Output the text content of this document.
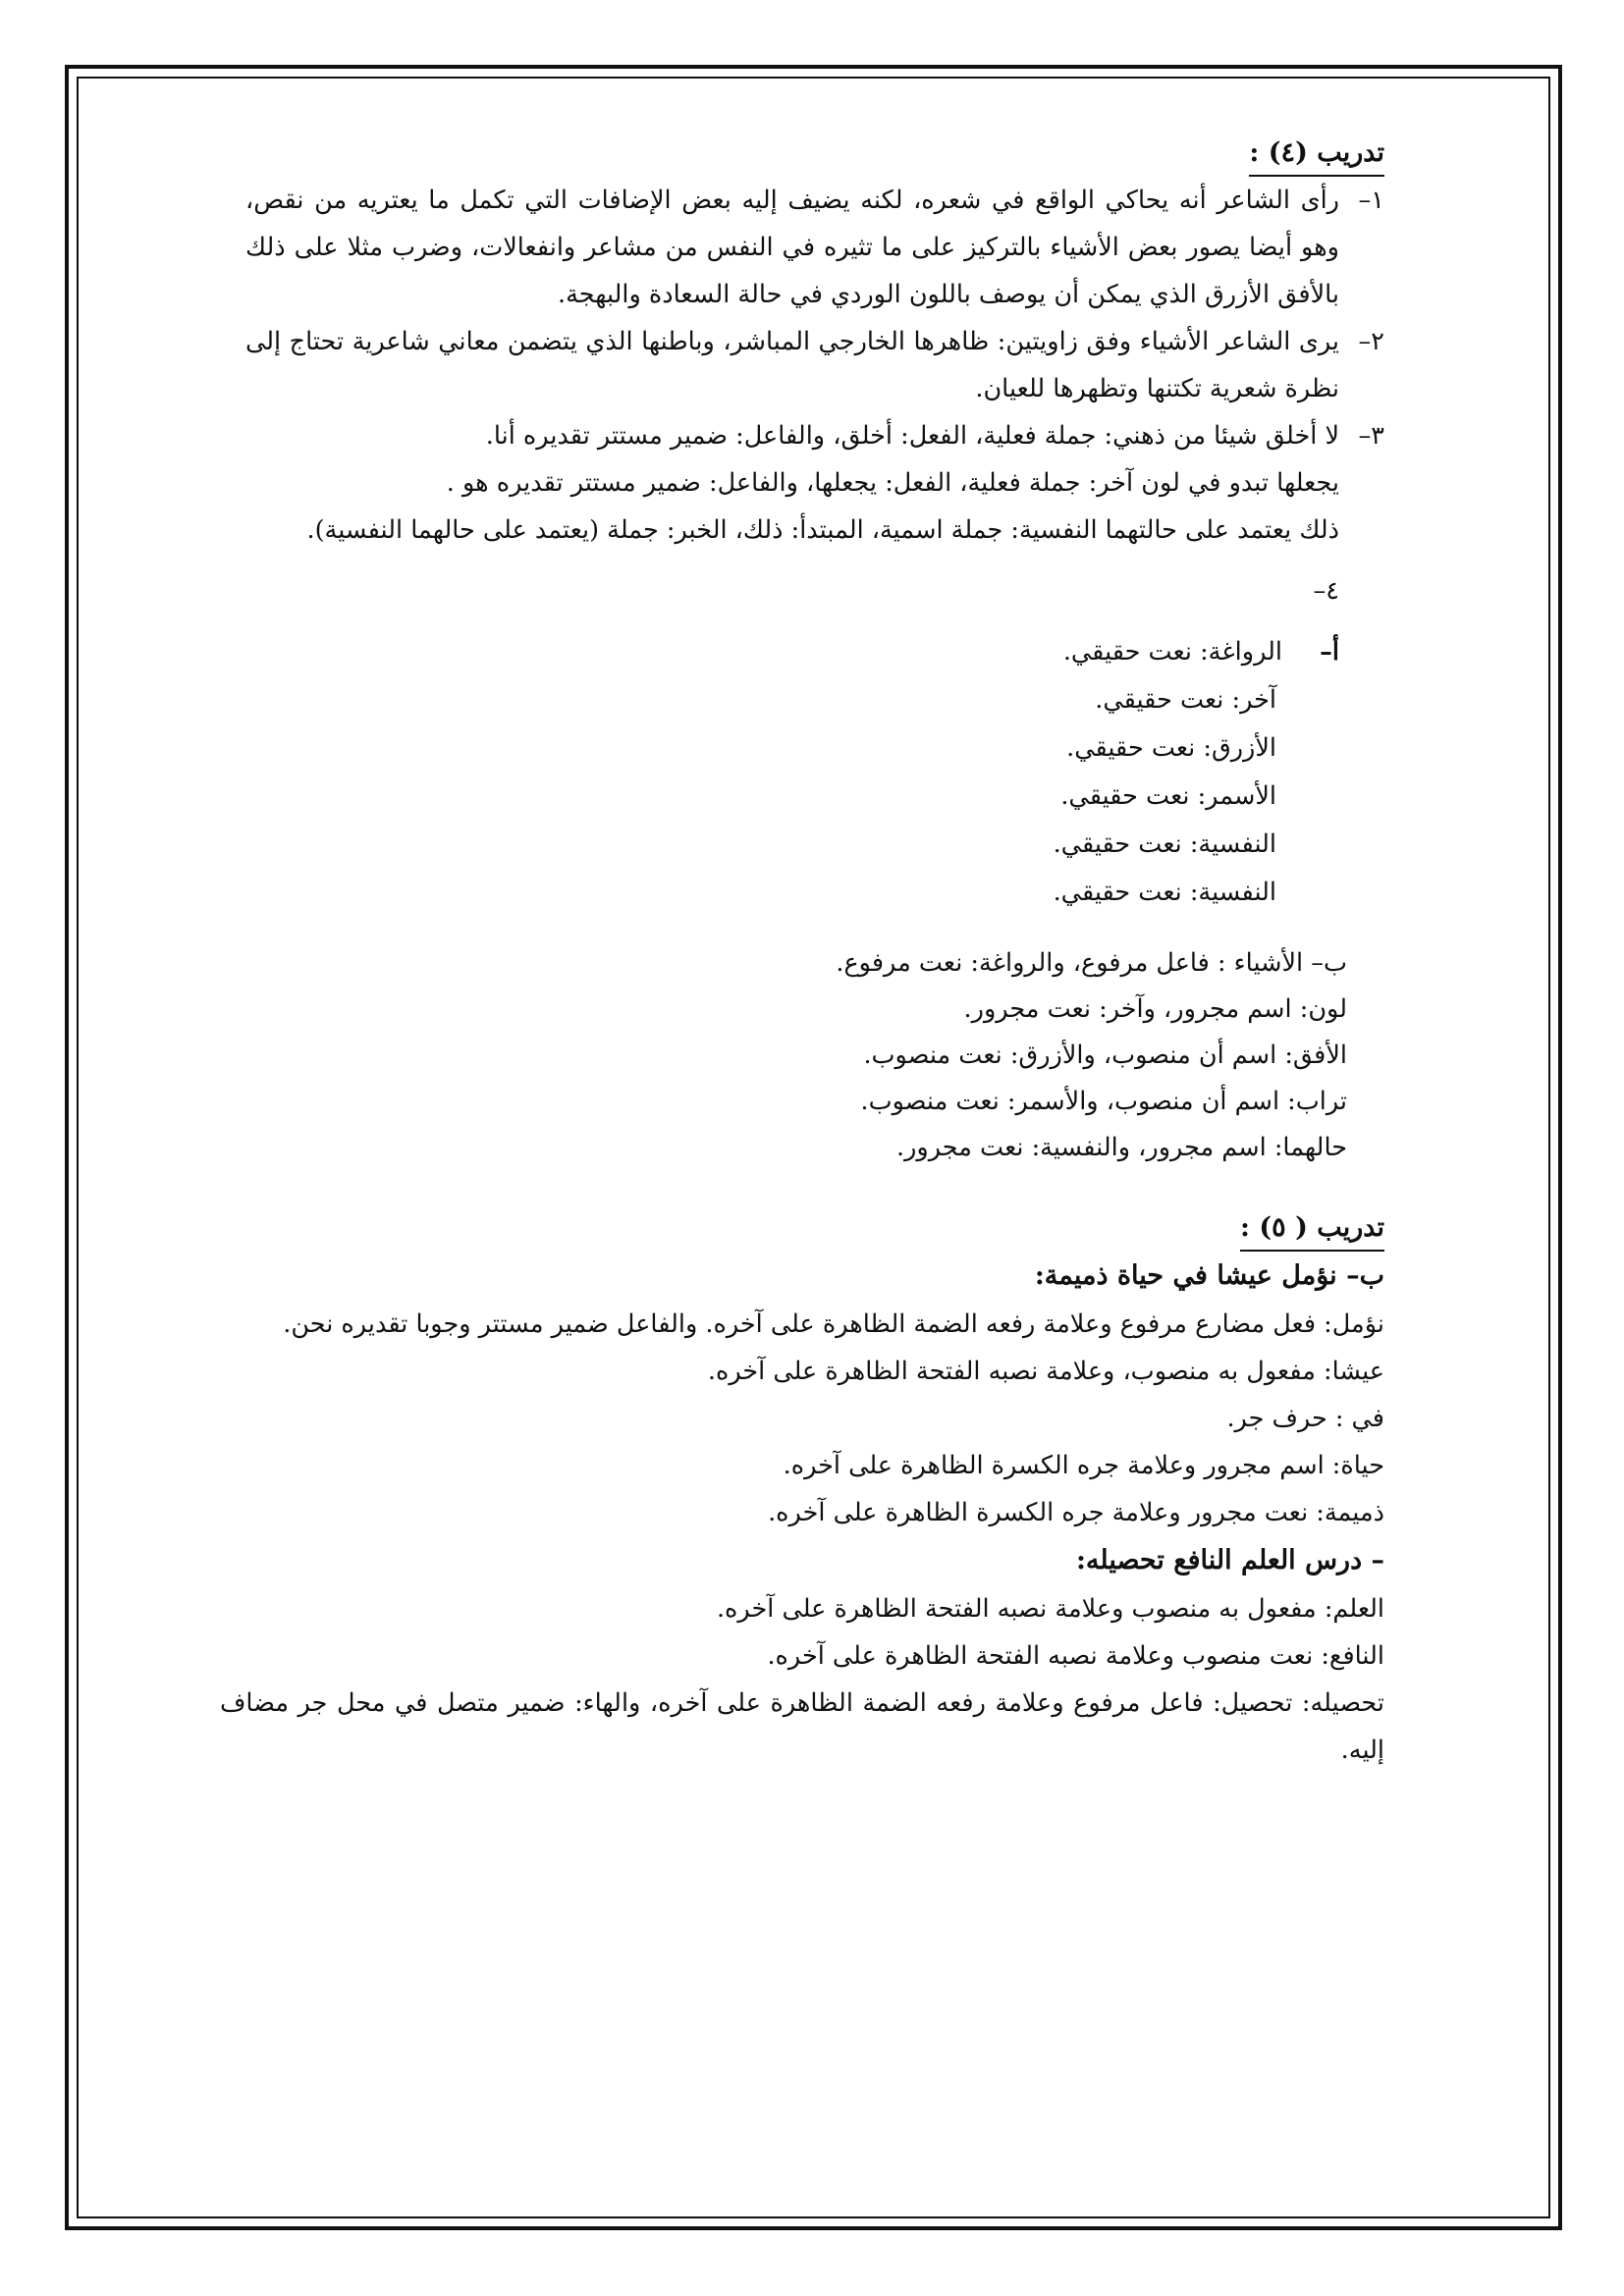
تدريب (٤) :
١–
رأى الشاعر أنه يحاكي الواقع في شعره، لكنه يضيف إليه بعض الإضافات التي تكمل ما يعتريه من نقص، وهو أيضا يصور بعض الأشياء بالتركيز على ما تثيره في النفس من مشاعر وانفعالات، وضرب مثلا على ذلك بالأفق الأزرق الذي يمكن أن يوصف باللون الوردي في حالة السعادة والبهجة.
٢–
يرى الشاعر الأشياء وفق زاويتين: ظاهرها الخارجي المباشر، وباطنها الذي يتضمن معاني شاعرية تحتاج إلى نظرة شعرية تكتنها وتظهرها للعيان.
٣–
لا أخلق شيئا من ذهني: جملة فعلية، الفعل: أخلق، والفاعل: ضمير مستتر تقديره أنا.
يجعلها تبدو في لون آخر: جملة فعلية، الفعل: يجعلها، والفاعل: ضمير مستتر تقديره هو .
ذلك يعتمد على حالتهما النفسية: جملة اسمية، المبتدأ: ذلك، الخبر: جملة (يعتمد على حالهما النفسية).
٤–
أ–
الرواغة: نعت حقيقي.
آخر: نعت حقيقي.
الأزرق: نعت حقيقي.
الأسمر: نعت حقيقي.
النفسية: نعت حقيقي.
النفسية: نعت حقيقي.
ب– الأشياء : فاعل مرفوع، والرواغة: نعت مرفوع.
لون: اسم مجرور، وآخر: نعت مجرور.
الأفق: اسم أن منصوب، والأزرق: نعت منصوب.
تراب: اسم أن منصوب، والأسمر: نعت منصوب.
حالهما: اسم مجرور، والنفسية: نعت مجرور.
تدريب ( ٥) :
ب– نؤمل عيشا في حياة ذميمة:
نؤمل: فعل مضارع مرفوع وعلامة رفعه الضمة الظاهرة على آخره. والفاعل ضمير مستتر وجوبا تقديره نحن.
عيشا: مفعول به منصوب، وعلامة نصبه الفتحة الظاهرة على آخره.
في : حرف جر.
حياة: اسم مجرور وعلامة جره الكسرة الظاهرة على آخره.
ذميمة: نعت مجرور وعلامة جره الكسرة الظاهرة على آخره.
– درس العلم النافع تحصيله:
العلم: مفعول به منصوب وعلامة نصبه الفتحة الظاهرة على آخره.
النافع: نعت منصوب وعلامة نصبه الفتحة الظاهرة على آخره.
تحصيله: تحصيل: فاعل مرفوع وعلامة رفعه الضمة الظاهرة على آخره، والهاء: ضمير متصل في محل جر مضاف إليه.
